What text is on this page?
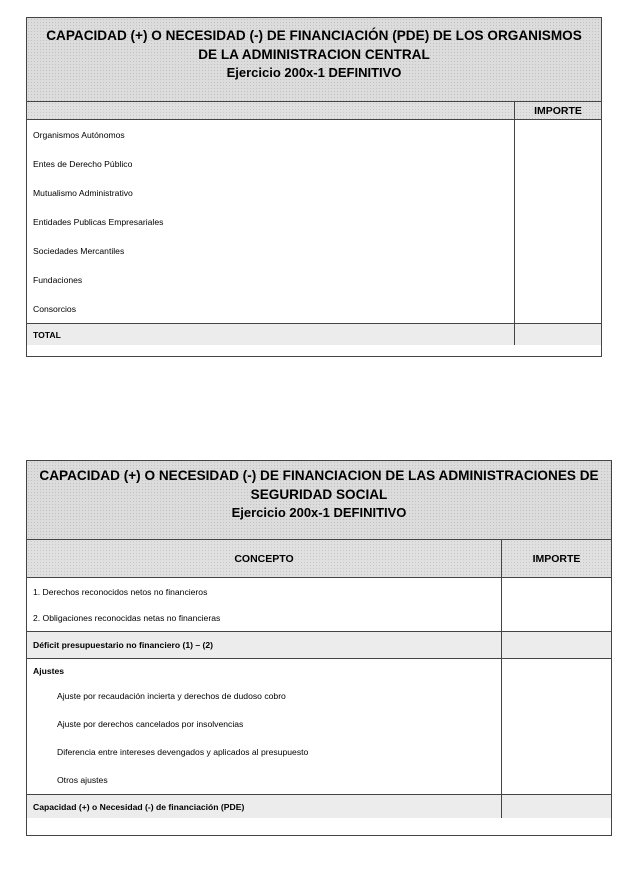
CAPACIDAD (+) O NECESIDAD (-) DE FINANCIACIÓN (PDE) DE LOS ORGANISMOS
DE LA ADMINISTRACION CENTRAL
Ejercicio 200x-1 DEFINITIVO
IMPORTE
Organismos Autónomos
Entes de Derecho Público
Mutualismo Administrativo
Entidades Publicas Empresariales
Sociedades Mercantiles
Fundaciones
Consorcios
TOTAL
CAPACIDAD (+) O NECESIDAD (-) DE FINANCIACION DE LAS ADMINISTRACIONES DE
SEGURIDAD SOCIAL
Ejercicio 200x-1 DEFINITIVO
CONCEPTO	IMPORTE
1. Derechos reconocidos netos no financieros
2. Obligaciones reconocidas netas no financieras
Déficit presupuestario no financiero (1) – (2)
Ajustes
Ajuste por recaudación incierta y derechos de dudoso cobro
Ajuste por derechos cancelados por insolvencias
Diferencia entre intereses devengados y aplicados al presupuesto
Otros ajustes
Capacidad (+) o Necesidad (-) de financiación (PDE)
